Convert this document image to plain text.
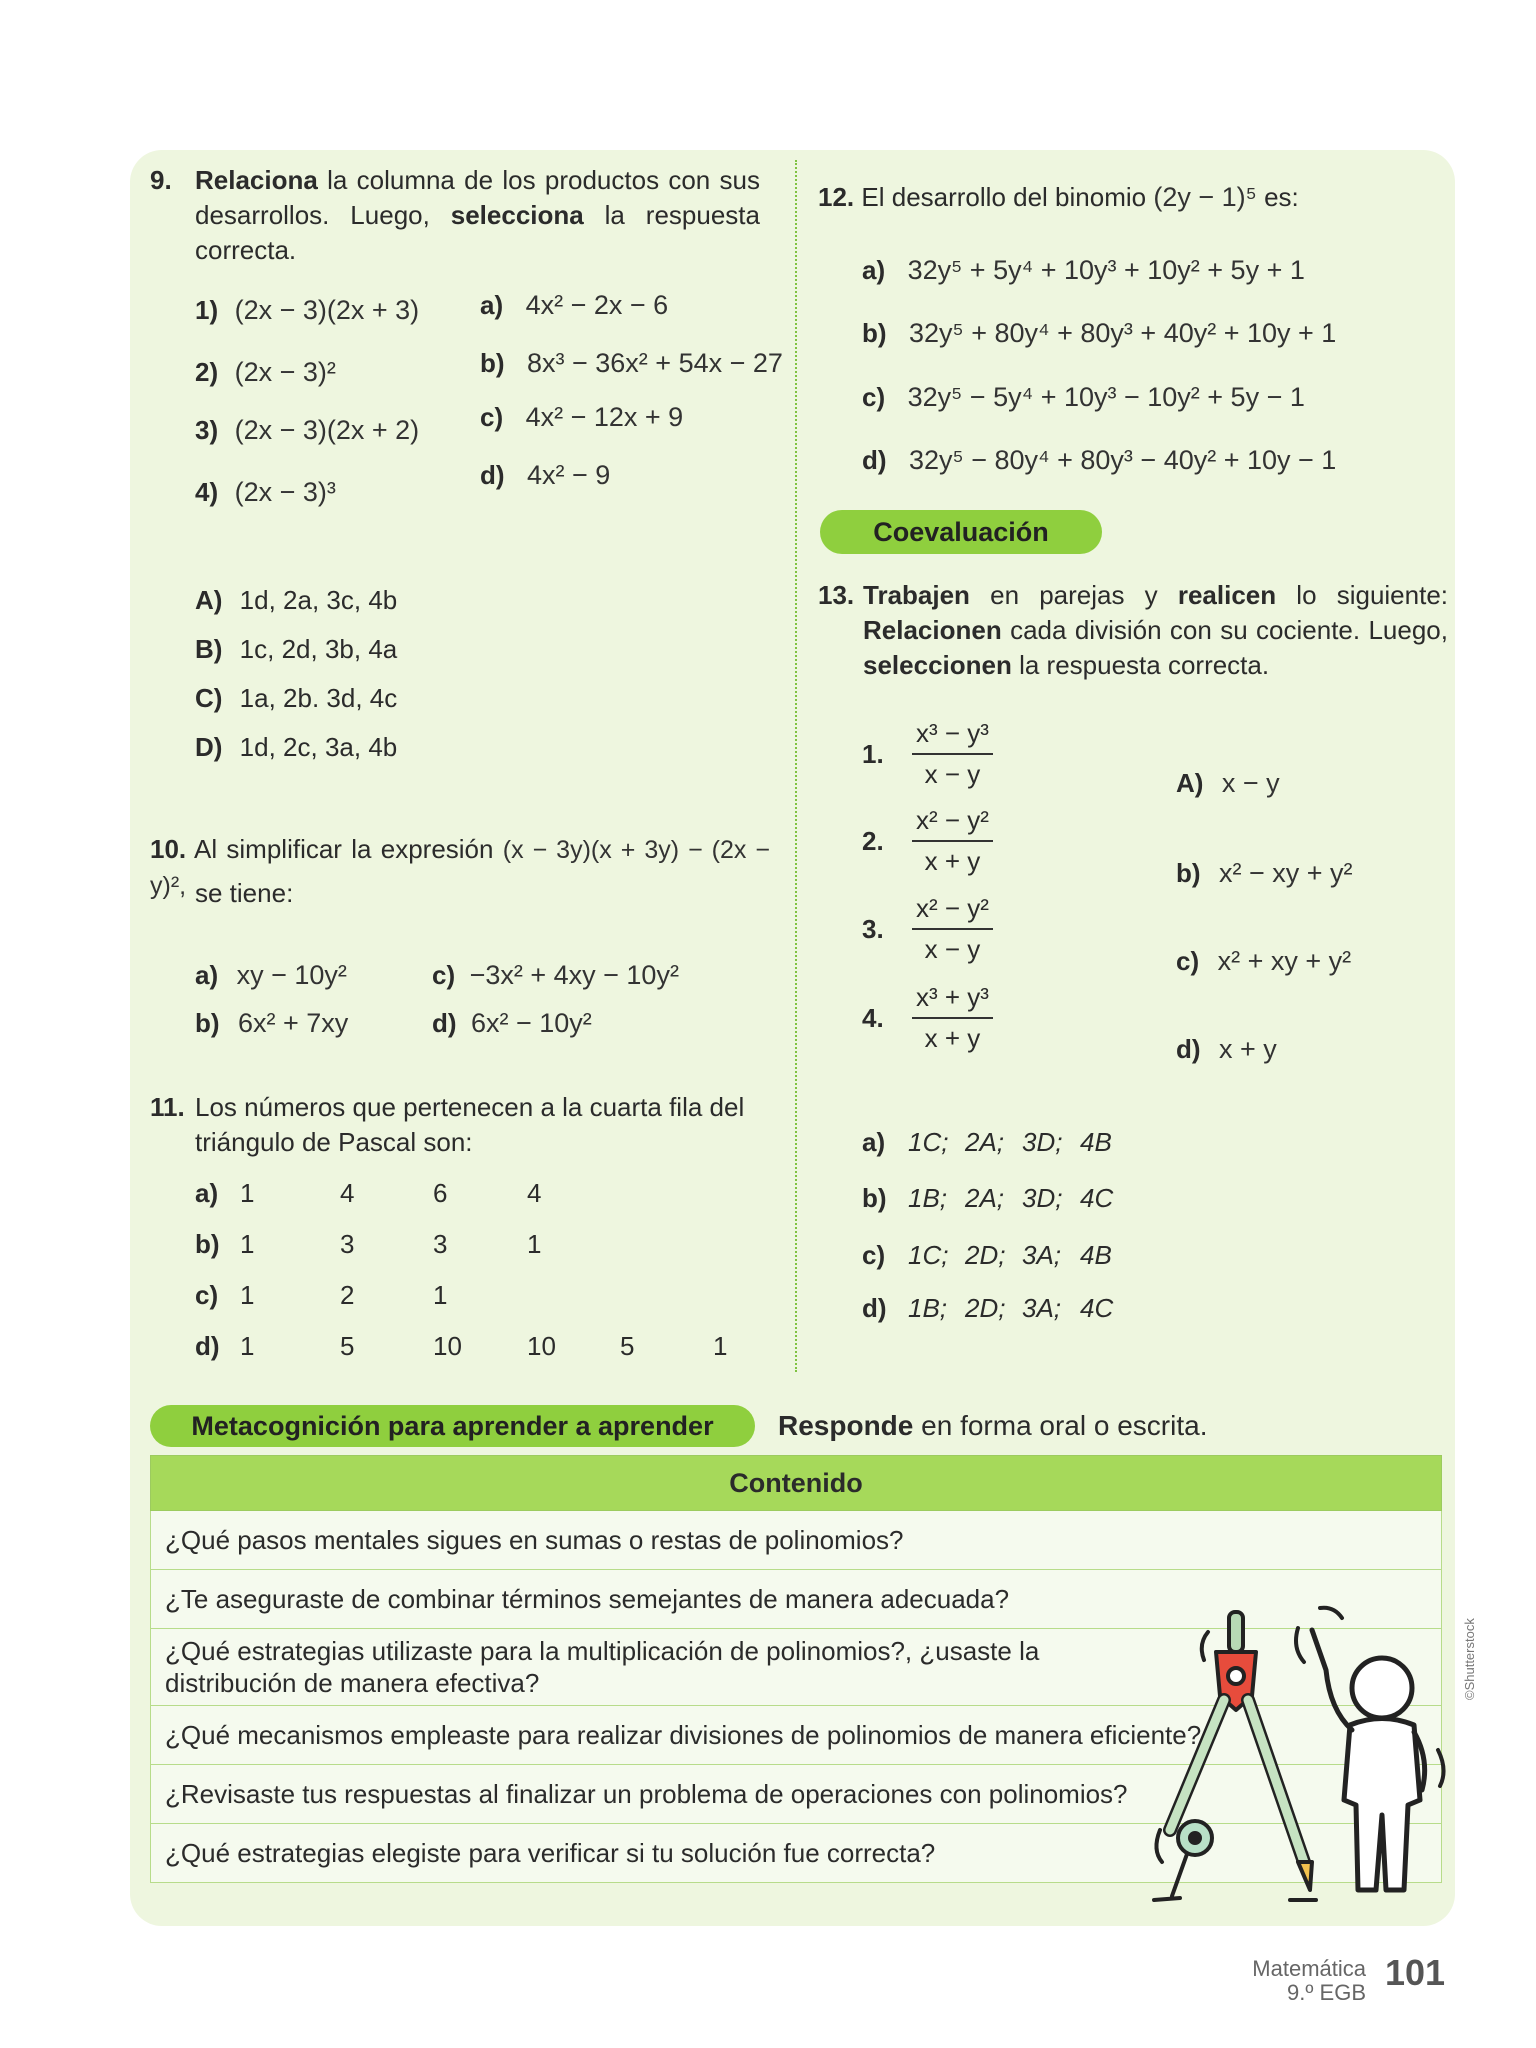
9. Relaciona la columna de los productos con sus desarrollos. Luego, selecciona la respuesta correcta.
1) (2x − 3)(2x + 3)
2) (2x − 3)²
3) (2x − 3)(2x + 2)
4) (2x − 3)³
a) 4x² − 2x − 6
b) 8x³ − 36x² + 54x − 27
c) 4x² − 12x + 9
d) 4x² − 9
A) 1d, 2a, 3c, 4b
B) 1c, 2d, 3b, 4a
C) 1a, 2b. 3d, 4c
D) 1d, 2c, 3a, 4b
10. Al simplificar la expresión (x − 3y)(x + 3y) − (2x − y)², se tiene:
a) xy − 10y²
b) 6x² + 7xy
c) −3x² + 4xy − 10y²
d) 6x² − 10y²
11. Los números que pertenecen a la cuarta fila del triángulo de Pascal son:
a) 1	4	6	4
b) 1	3	3	1
c) 1	2	1
d) 1	5	10	10 5	1
12. El desarrollo del binomio (2y − 1)⁵ es:
a) 32y⁵ + 5y⁴ + 10y³ + 10y² + 5y + 1
b) 32y⁵ + 80y⁴ + 80y³ + 40y² + 10y + 1
c) 32y⁵ − 5y⁴ + 10y³ − 10y² + 5y − 1
d) 32y⁵ − 80y⁴ + 80y³ − 40y² + 10y − 1
Coevaluación
13. Trabajen en parejas y realicen lo siguiente: Relacionen cada división con su cociente. Luego, seleccionen la respuesta correcta.
1. $\frac{\text{x³ − y³}}{x - y}$
2. $\frac{\text{x² − y²}}{x + y}$
3. $\frac{\text{x² − y²}}{x - y}$
4. $\frac{\text{x³ + y³}}{x + y}$
A) x − y
b) x² − xy + y²
c) x² + xy + y²
d) x + y
a) 1C; 2A; 3D; 4B
b) 1B; 2A; 3D; 4C
c) 1C; 2D; 3A; 4B
d) 1B; 2D; 3A; 4C
Metacognición para aprender a aprender	Responde en forma oral o escrita.
Contenido
¿Qué pasos mentales sigues en sumas o restas de polinomios?
¿Te aseguraste de combinar términos semejantes de manera adecuada?
¿Qué estrategias utilizaste para la multiplicación de polinomios?, ¿usaste la distribución de manera efectiva?
¿Qué mecanismos empleaste para realizar divisiones de polinomios de manera eficiente?
¿Revisaste tus respuestas al finalizar un problema de operaciones con polinomios?
¿Qué estrategias elegiste para verificar si tu solución fue correcta?
©Shutterstock
Matemática
9.º EGB 101
